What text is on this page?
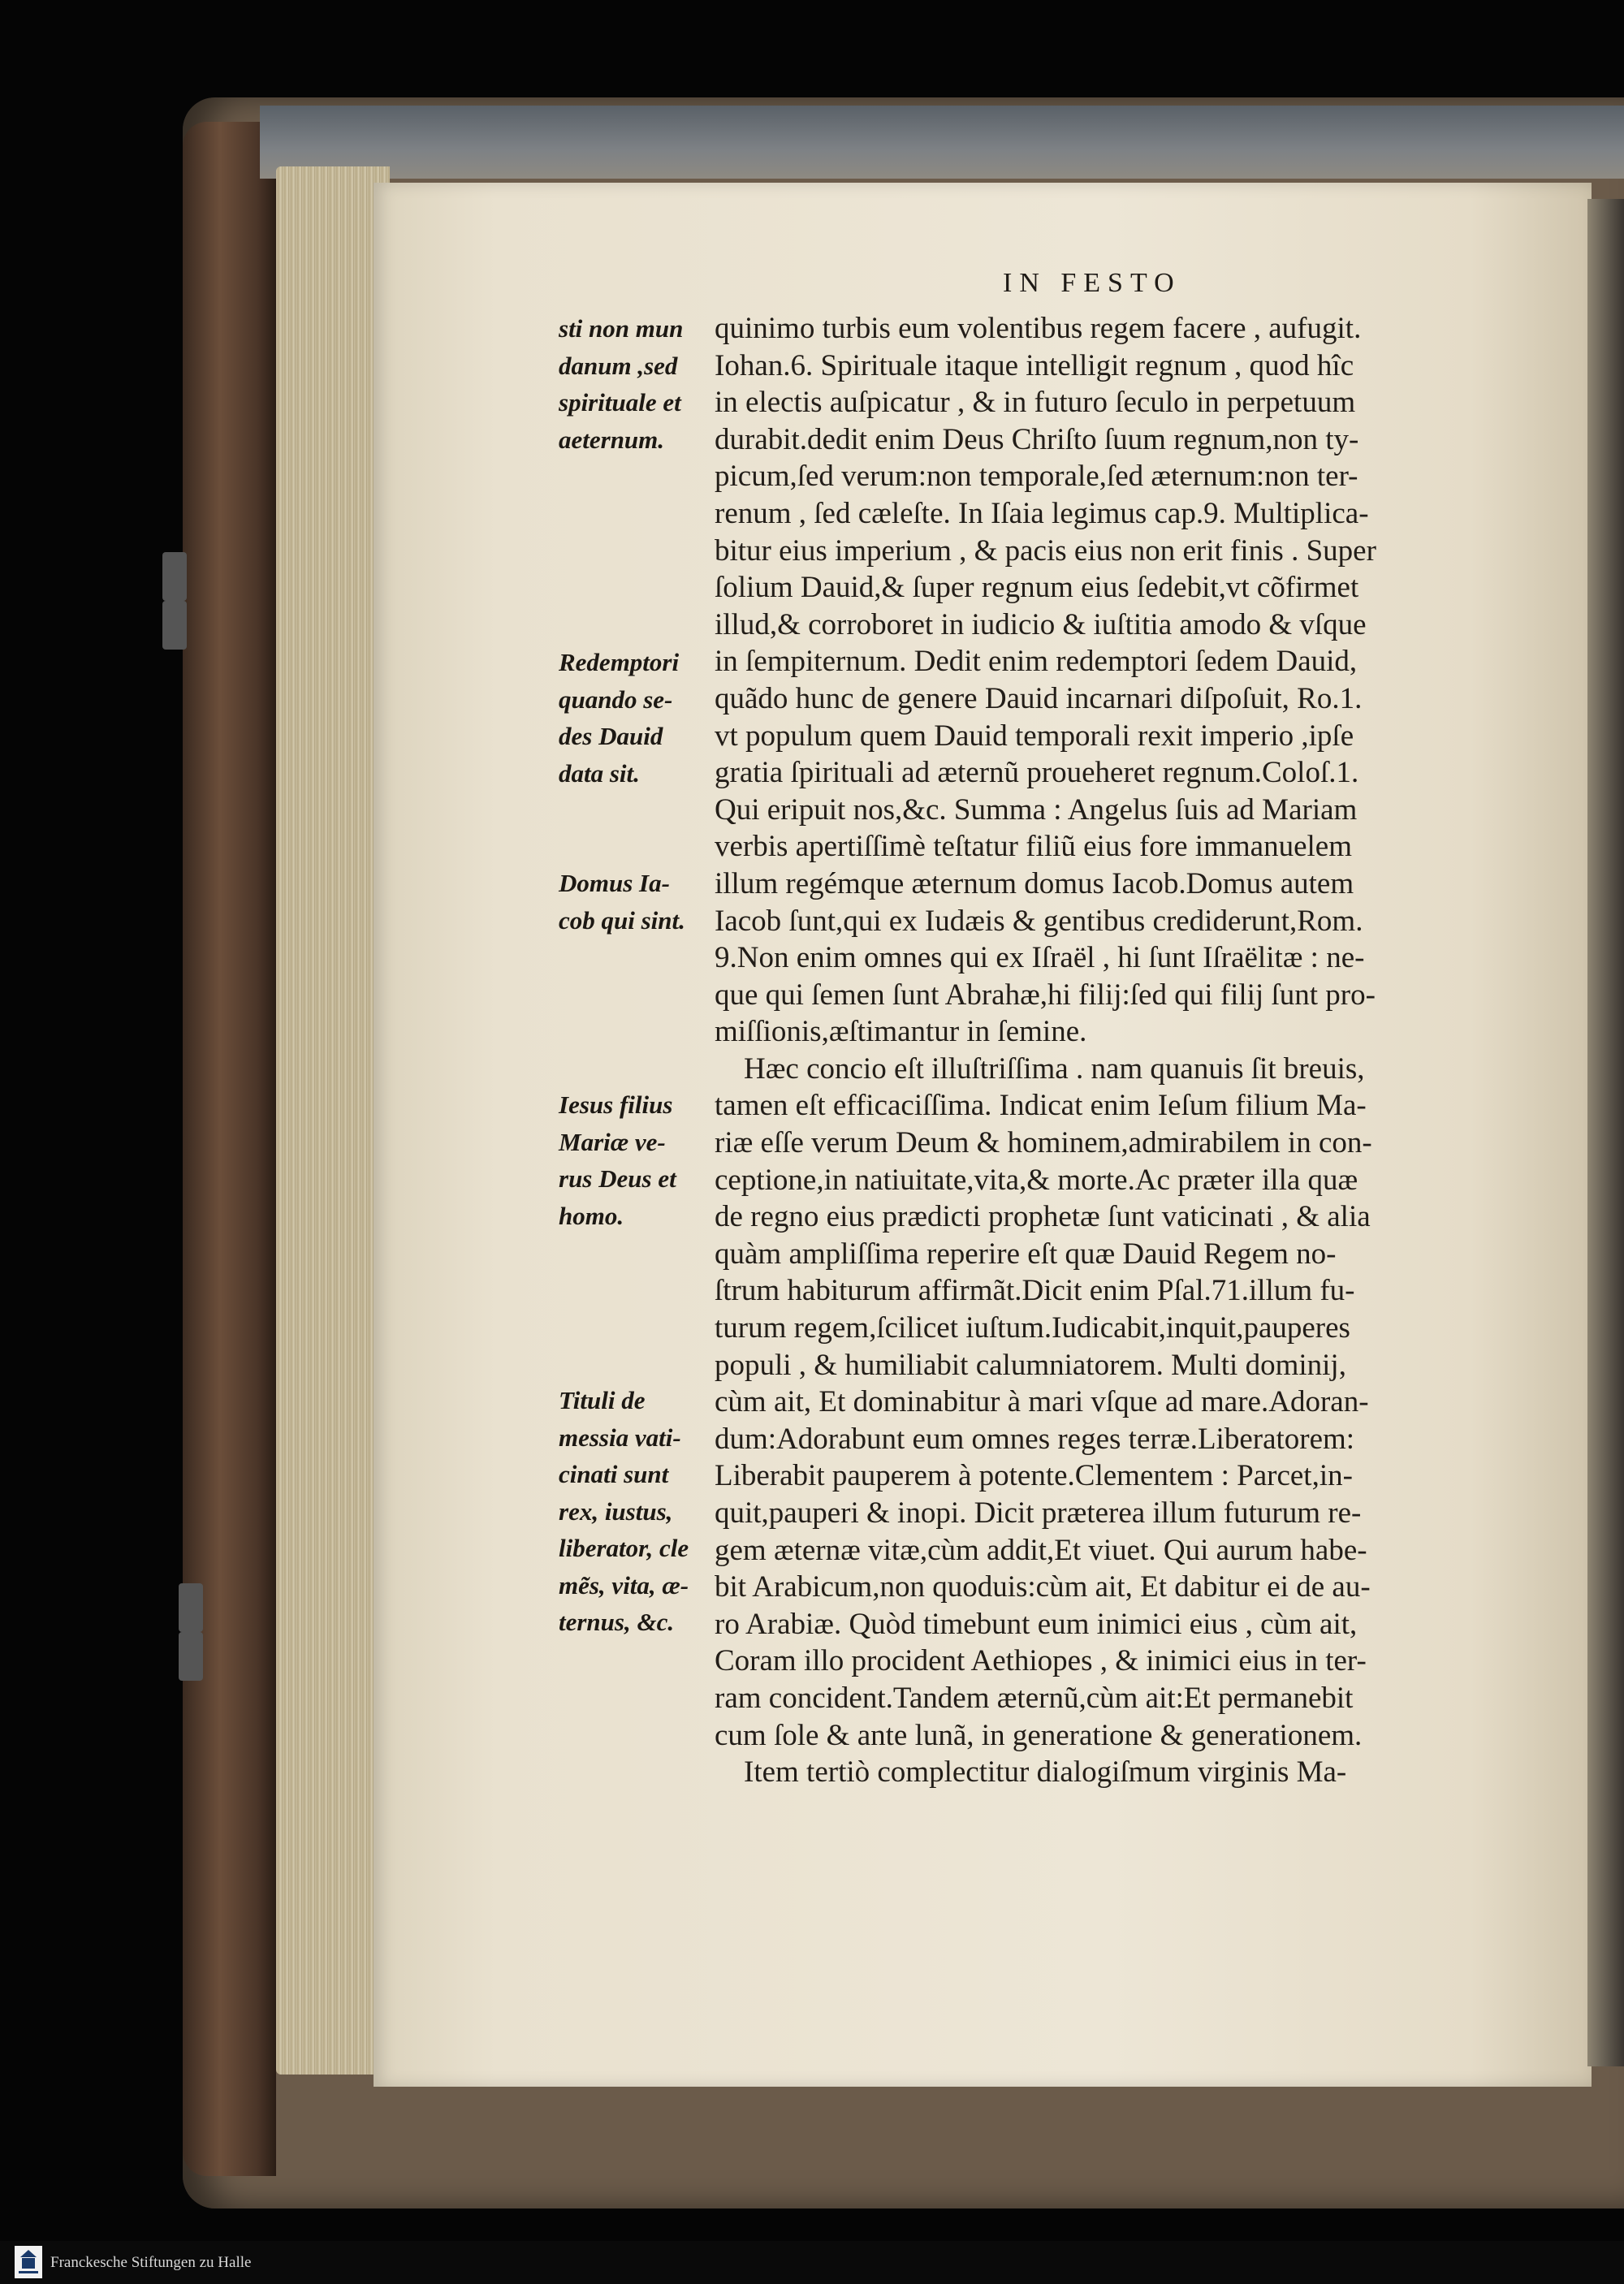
IN FESTO
sti non mun
danum ,sed
spirituale et
aeternum.
Redemptori
quando se-
des Dauid
data sit.
Domus Ia-
cob qui sint.
Iesus filius
Mariæ ve-
rus Deus et
homo.
Tituli de
messia vati-
cinati sunt
rex, iustus,
liberator, cle
mẽs, vita, æ-
ternus, &c.
quinimo turbis eum volentibus regem facere , aufugit.
Iohan.6. Spirituale itaque intelligit regnum , quod hîc
in electis auſpicatur , & in futuro ſeculo in perpetuum
durabit.dedit enim Deus Chriſto ſuum regnum,non ty-
picum,ſed verum:non temporale,ſed æternum:non ter-
renum , ſed cæleſte. In Iſaia legimus cap.9. Multiplica-
bitur eius imperium , & pacis eius non erit finis . Super
ſolium Dauid,& ſuper regnum eius ſedebit,vt cõfirmet
illud,& corroboret in iudicio & iuſtitia amodo & vſque
in ſempiternum. Dedit enim redemptori ſedem Dauid,
quãdo hunc de genere Dauid incarnari diſpoſuit, Ro.1.
vt populum quem Dauid temporali rexit imperio ,ipſe
gratia ſpirituali ad æternũ proueheret regnum.Coloſ.1.
Qui eripuit nos,&c. Summa : Angelus ſuis ad Mariam
verbis apertiſſimè teſtatur filiũ eius fore immanuelem
illum regémque æternum domus Iacob.Domus autem
Iacob ſunt,qui ex Iudæis & gentibus crediderunt,Rom.
9.Non enim omnes qui ex Iſraël , hi ſunt Iſraëlitæ : ne-
que qui ſemen ſunt Abrahæ,hi filij:ſed qui filij ſunt pro-
miſſionis,æſtimantur in ſemine.
Hæc concio eſt illuſtriſſima . nam quanuis ſit breuis,
tamen eſt efficaciſſima. Indicat enim Ieſum filium Ma-
riæ eſſe verum Deum & hominem,admirabilem in con-
ceptione,in natiuitate,vita,& morte.Ac præter illa quæ
de regno eius prædicti prophetæ ſunt vaticinati , & alia
quàm ampliſſima reperire eſt quæ Dauid Regem no-
ſtrum habiturum affirmãt.Dicit enim Pſal.71.illum fu-
turum regem,ſcilicet iuſtum.Iudicabit,inquit,pauperes
populi , & humiliabit calumniatorem. Multi dominij,
cùm ait, Et dominabitur à mari vſque ad mare.Adoran-
dum:Adorabunt eum omnes reges terræ.Liberatorem:
Liberabit pauperem à potente.Clementem : Parcet,in-
quit,pauperi & inopi. Dicit præterea illum futurum re-
gem æternæ vitæ,cùm addit,Et viuet. Qui aurum habe-
bit Arabicum,non quoduis:cùm ait, Et dabitur ei de au-
ro Arabiæ. Quòd timebunt eum inimici eius , cùm ait,
Coram illo procident Aethiopes , & inimici eius in ter-
ram concident.Tandem æternũ,cùm ait:Et permanebit
cum ſole & ante lunã, in generatione & generationem.
Item tertiò complectitur dialogiſmum virginis Ma-
Franckesche Stiftungen zu Halle
